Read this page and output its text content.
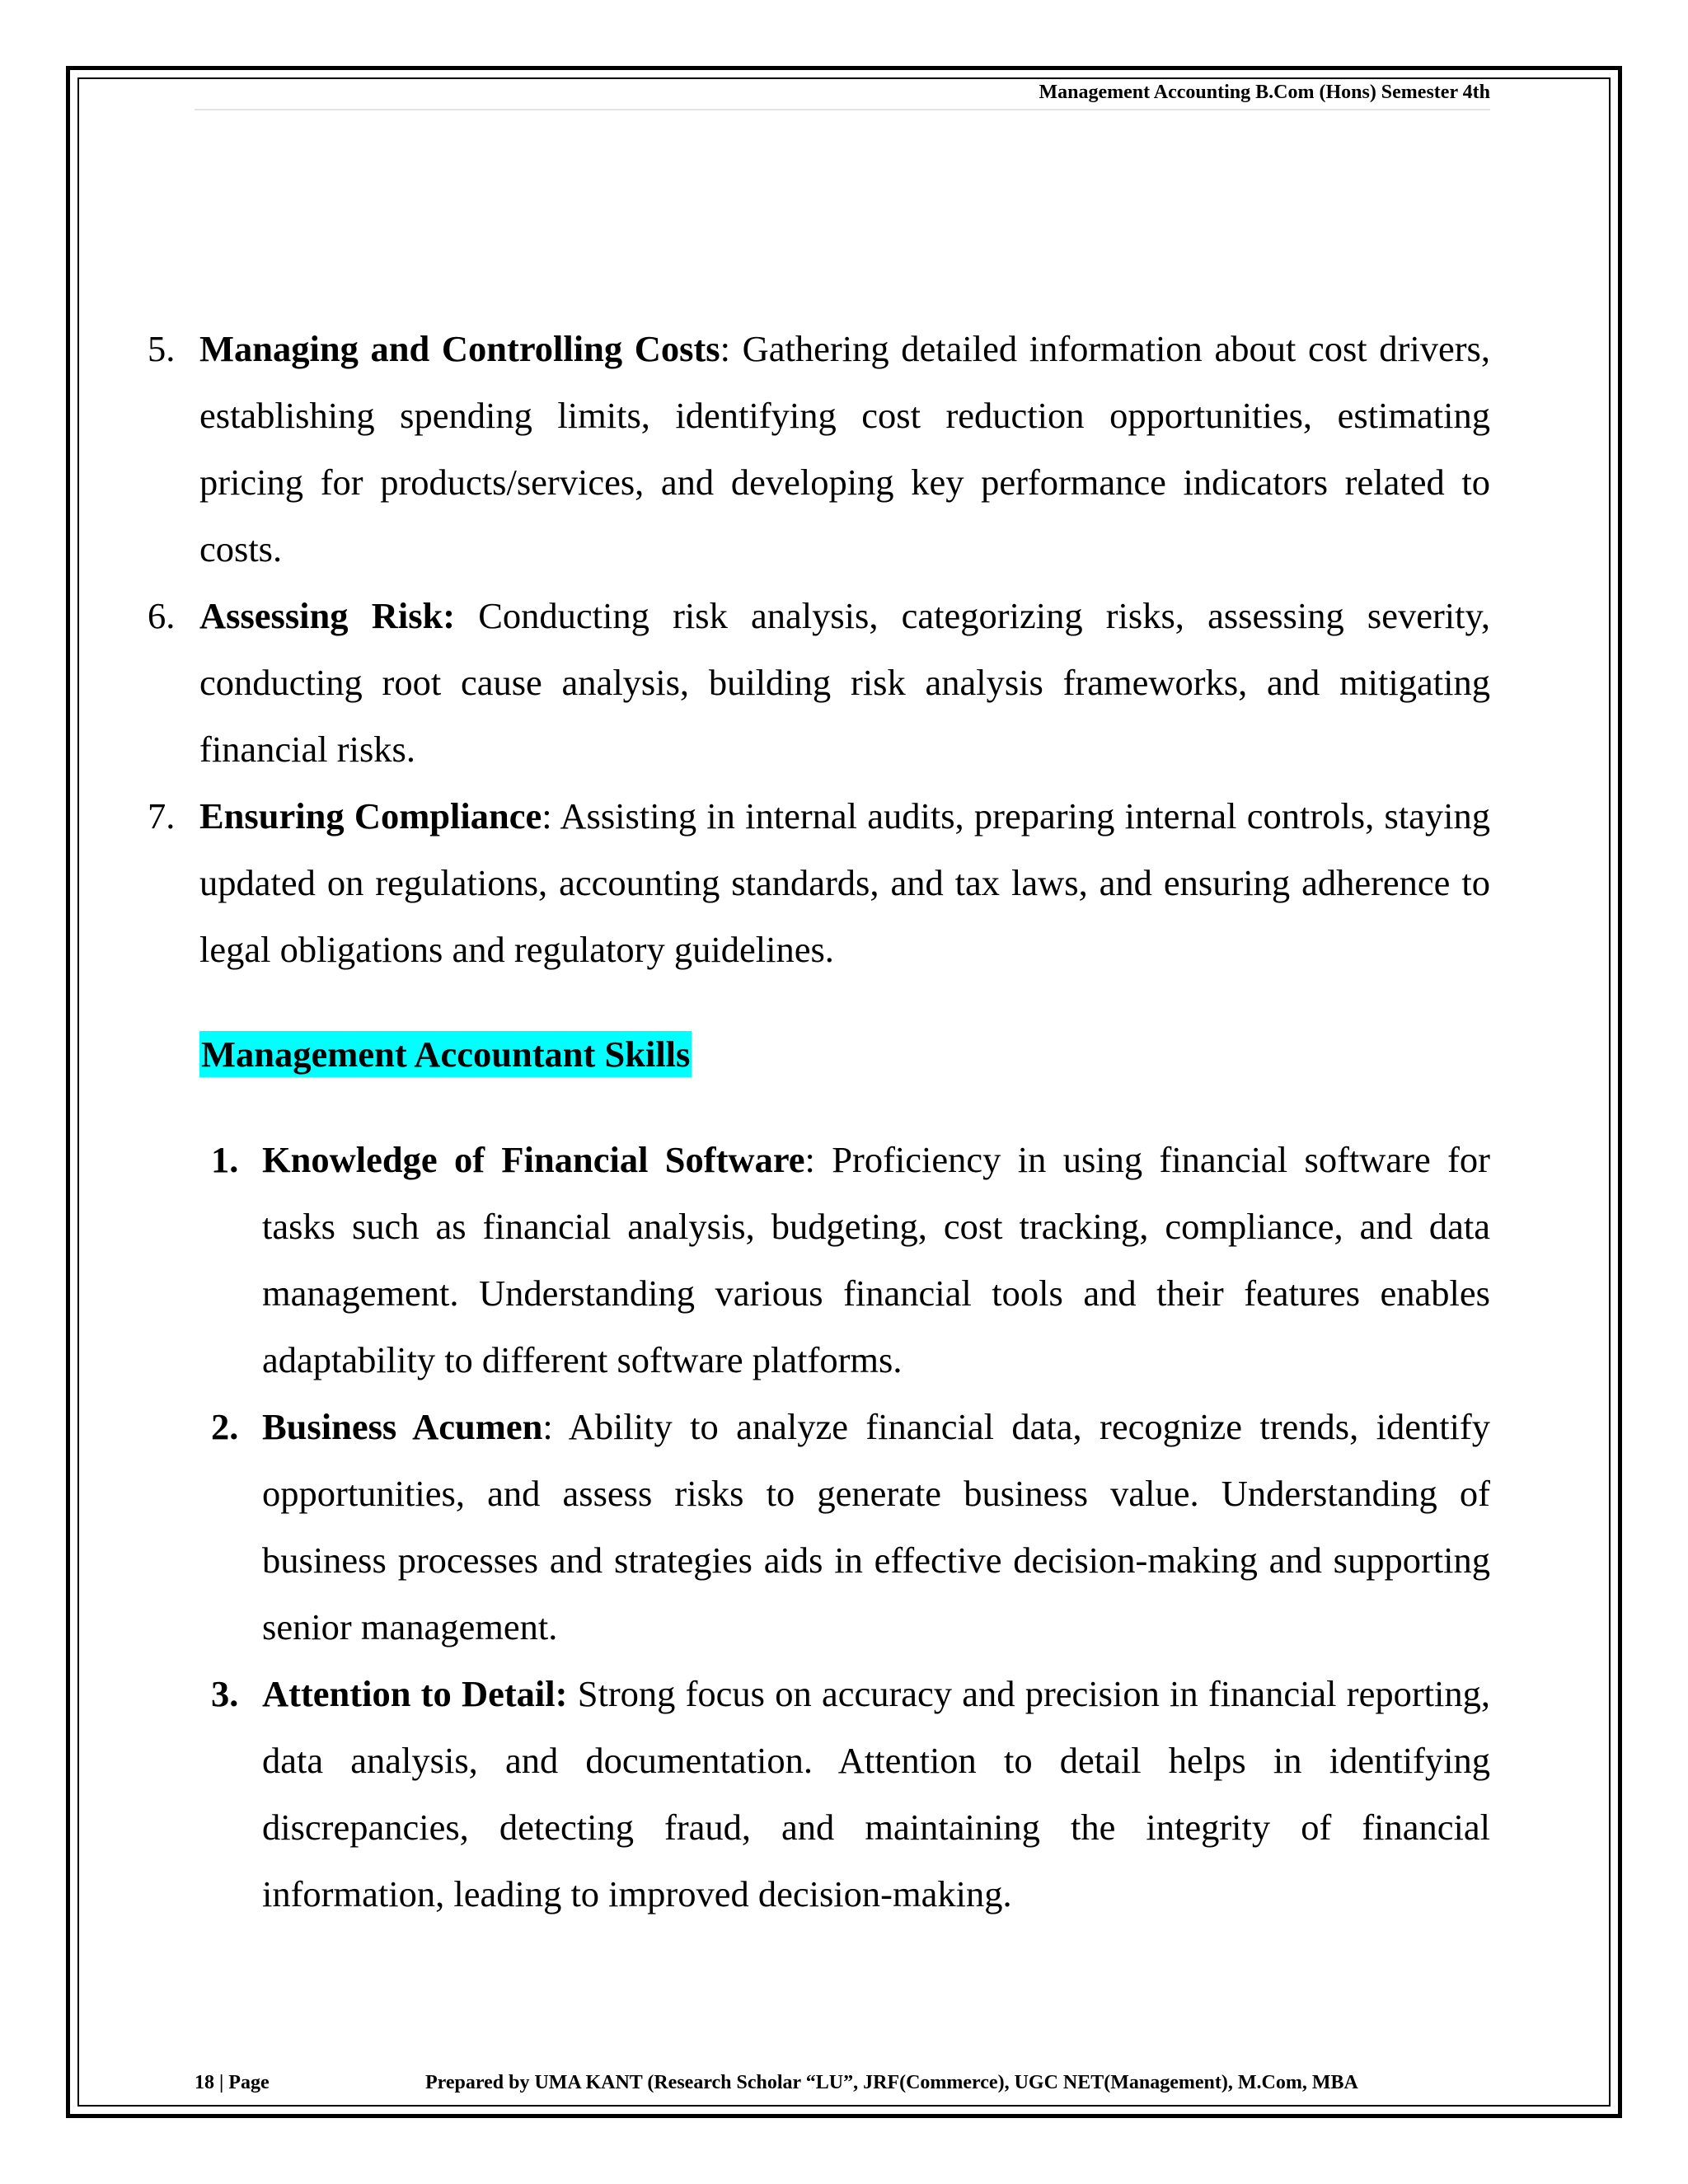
Management Accounting B.Com (Hons) Semester 4th
5. Managing and Controlling Costs: Gathering detailed information about cost drivers, establishing spending limits, identifying cost reduction opportunities, estimating pricing for products/services, and developing key performance indicators related to costs.
6. Assessing Risk: Conducting risk analysis, categorizing risks, assessing severity, conducting root cause analysis, building risk analysis frameworks, and mitigating financial risks.
7. Ensuring Compliance: Assisting in internal audits, preparing internal controls, staying updated on regulations, accounting standards, and tax laws, and ensuring adherence to legal obligations and regulatory guidelines.
Management Accountant Skills
1. Knowledge of Financial Software: Proficiency in using financial software for tasks such as financial analysis, budgeting, cost tracking, compliance, and data management. Understanding various financial tools and their features enables adaptability to different software platforms.
2. Business Acumen: Ability to analyze financial data, recognize trends, identify opportunities, and assess risks to generate business value. Understanding of business processes and strategies aids in effective decision-making and supporting senior management.
3. Attention to Detail: Strong focus on accuracy and precision in financial reporting, data analysis, and documentation. Attention to detail helps in identifying discrepancies, detecting fraud, and maintaining the integrity of financial information, leading to improved decision-making.
18 | Page	Prepared by UMA KANT (Research Scholar “LU”, JRF(Commerce), UGC NET(Management), M.Com, MBA
